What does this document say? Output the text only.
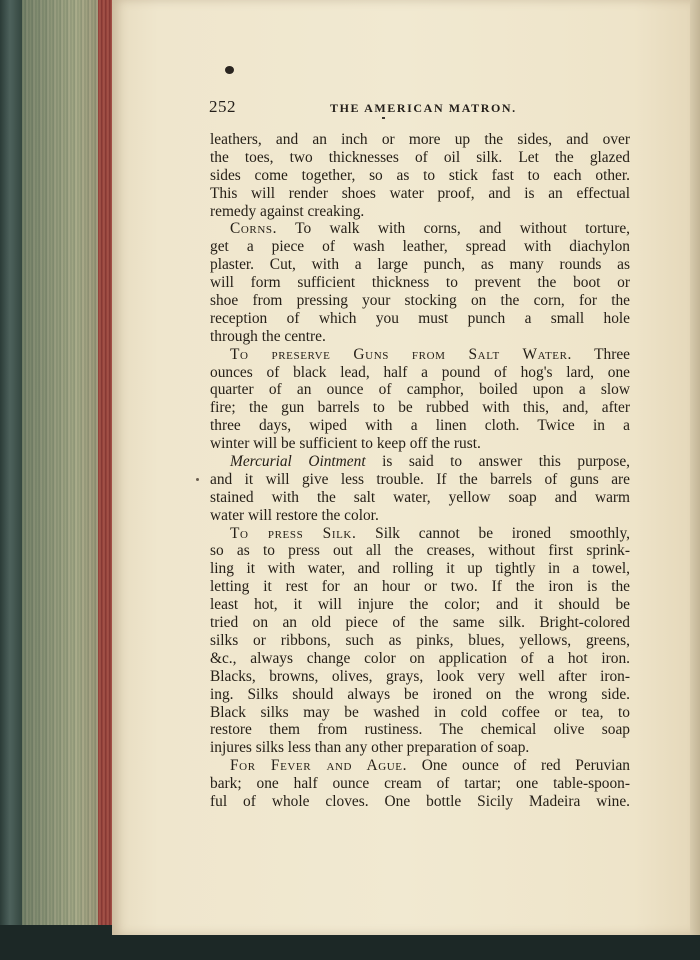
252	THE AMERICAN MATRON.
leathers, and an inch or more up the sides, and over
the toes, two thicknesses of oil silk. Let the glazed
sides come together, so as to stick fast to each other.
This will render shoes water proof, and is an effectual
remedy against creaking.
Corns. To walk with corns, and without torture,
get a piece of wash leather, spread with diachylon
plaster. Cut, with a large punch, as many rounds as
will form sufficient thickness to prevent the boot or
shoe from pressing your stocking on the corn, for the
reception of which you must punch a small hole
through the centre.
To preserve Guns from Salt Water. Three
ounces of black lead, half a pound of hog's lard, one
quarter of an ounce of camphor, boiled upon a slow
fire; the gun barrels to be rubbed with this, and, after
three days, wiped with a linen cloth. Twice in a
winter will be sufficient to keep off the rust.
Mercurial Ointment is said to answer this purpose,
and it will give less trouble. If the barrels of guns are
stained with the salt water, yellow soap and warm
water will restore the color.
To press Silk. Silk cannot be ironed smoothly,
so as to press out all the creases, without first sprink-
ling it with water, and rolling it up tightly in a towel,
letting it rest for an hour or two. If the iron is the
least hot, it will injure the color; and it should be
tried on an old piece of the same silk. Bright-colored
silks or ribbons, such as pinks, blues, yellows, greens,
&c., always change color on application of a hot iron.
Blacks, browns, olives, grays, look very well after iron-
ing. Silks should always be ironed on the wrong side.
Black silks may be washed in cold coffee or tea, to
restore them from rustiness. The chemical olive soap
injures silks less than any other preparation of soap.
For Fever and Ague. One ounce of red Peruvian
bark; one half ounce cream of tartar; one table-spoon-
ful of whole cloves. One bottle Sicily Madeira wine.
